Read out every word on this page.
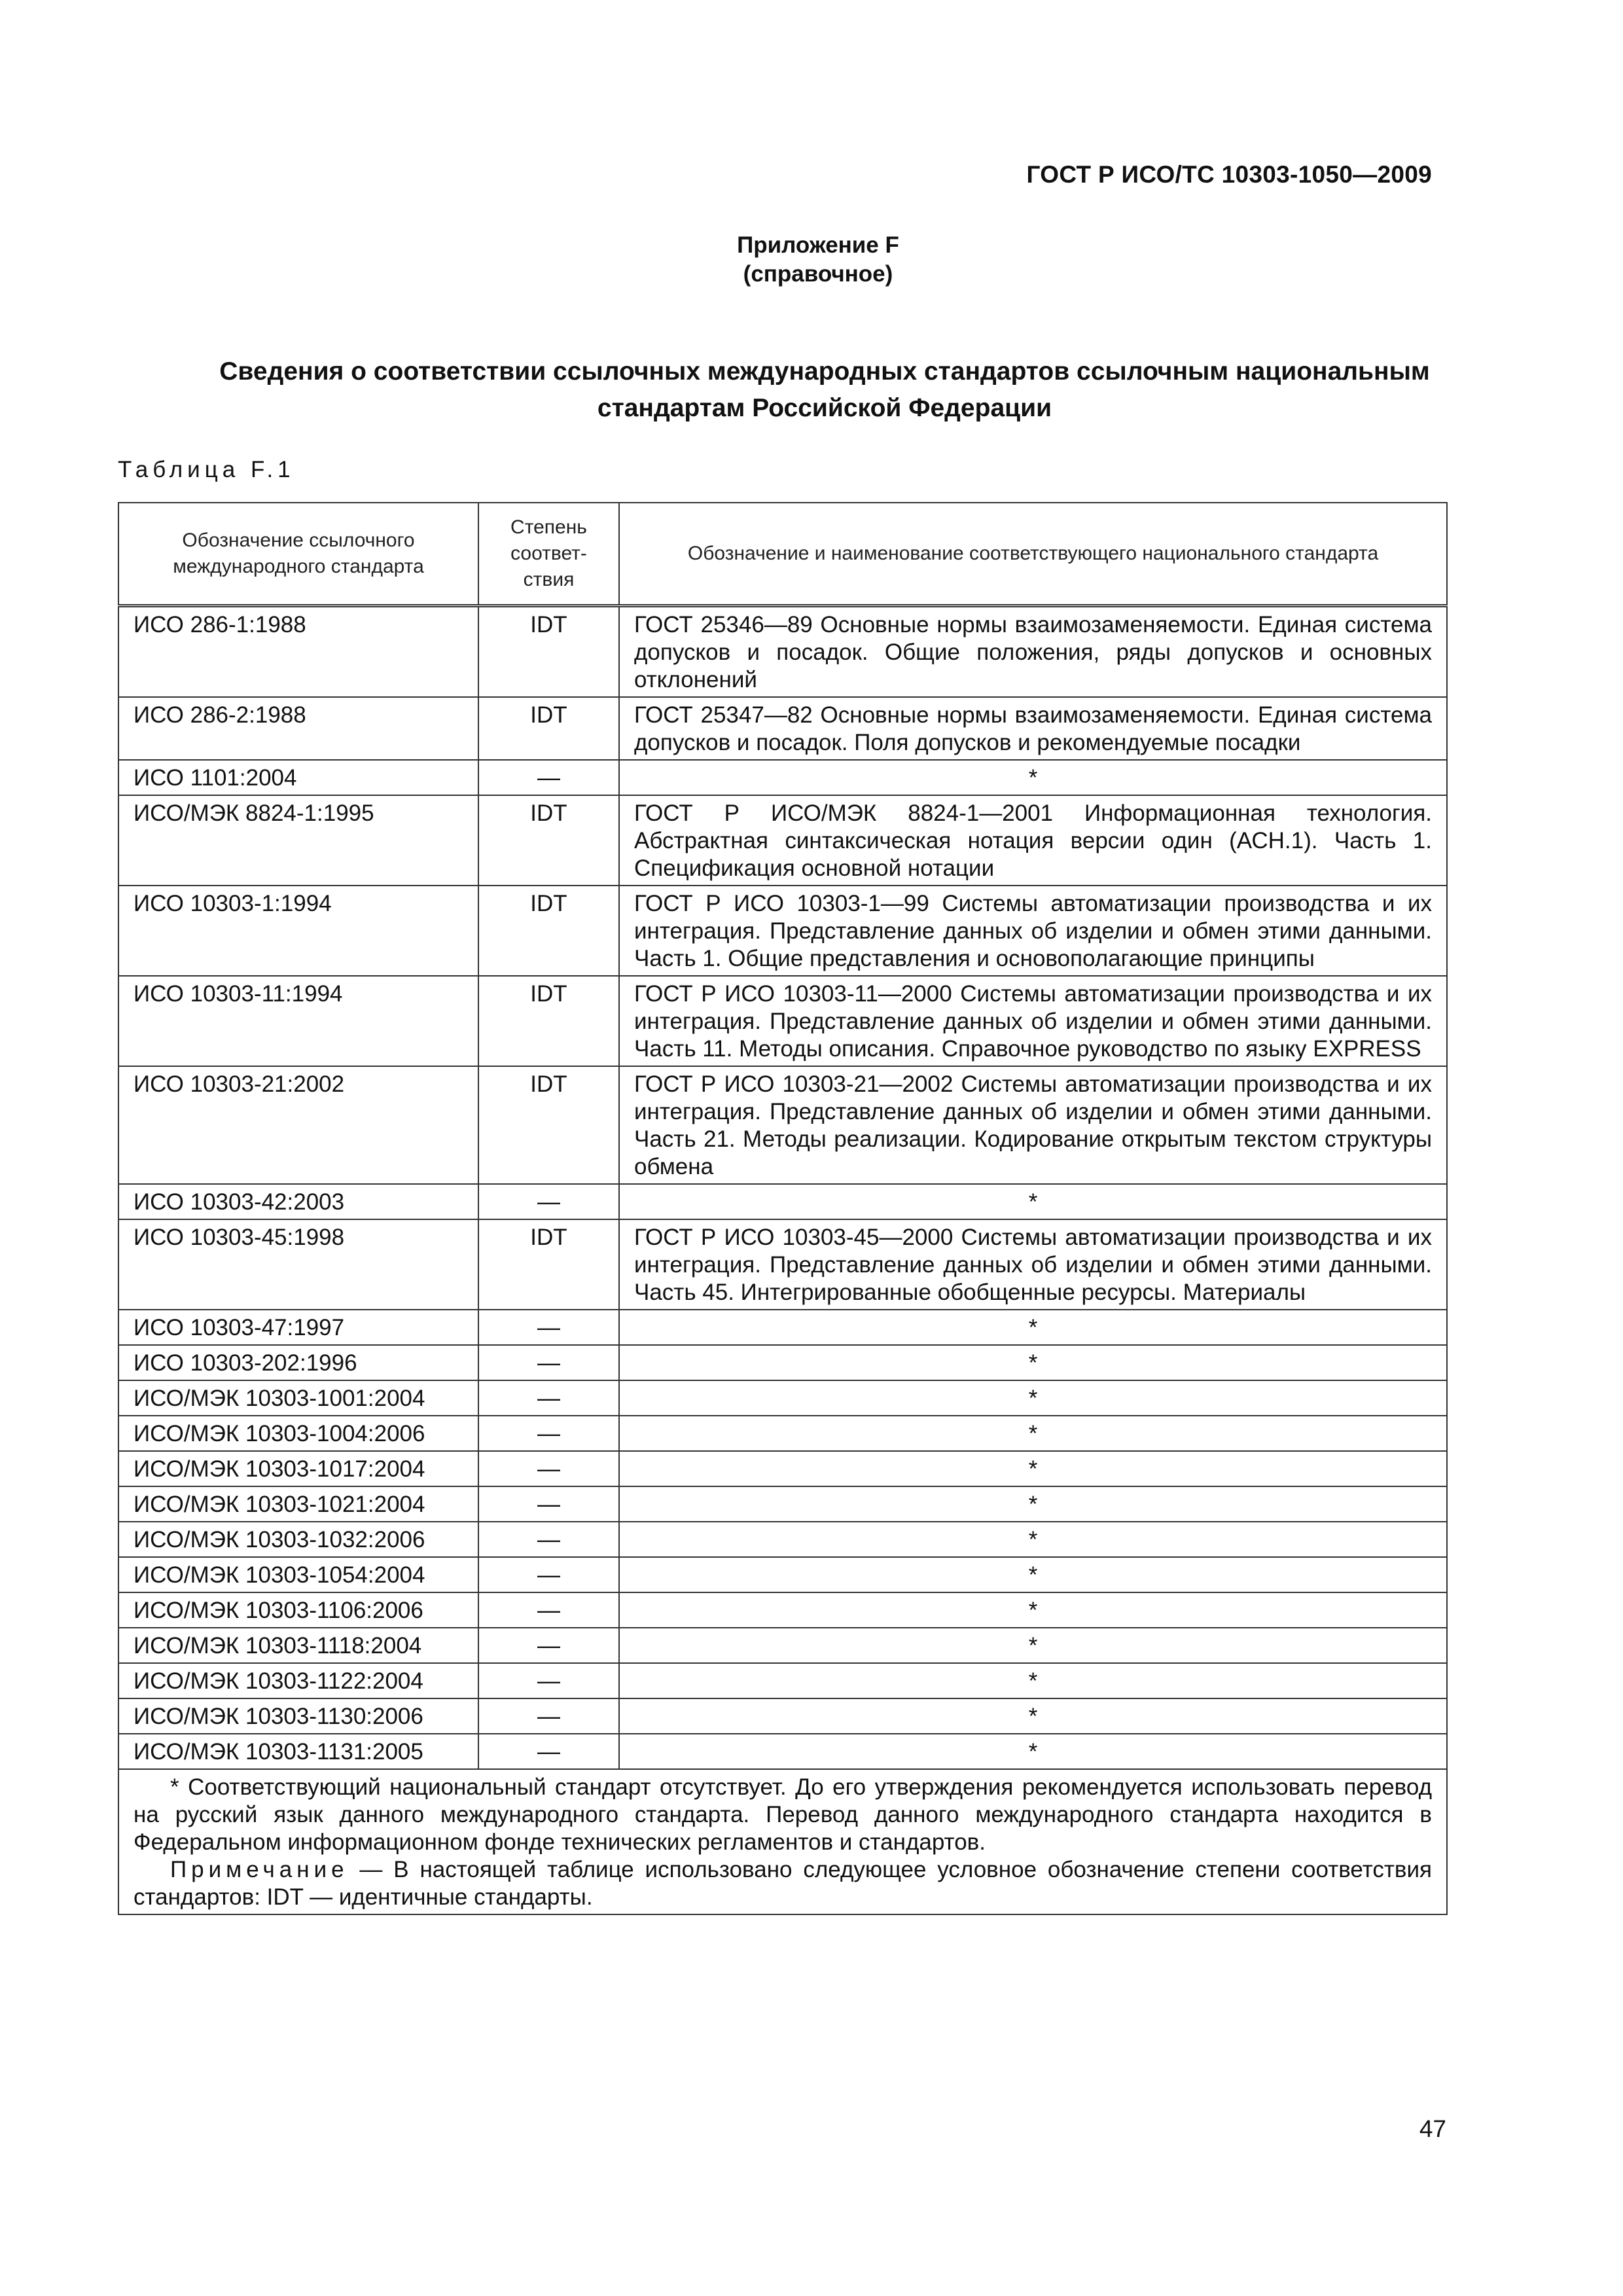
ГОСТ Р ИСО/ТС 10303-1050—2009
Приложение F
(справочное)
Сведения о соответствии ссылочных международных стандартов ссылочным национальным
стандартам Российской Федерации
Таблица F.1
Обозначение ссылочного международного стандарта	Степень соответ- ствия	Обозначение и наименование соответствующего национального стандарта
ИСО 286-1:1988	IDT	ГОСТ 25346—89 Основные нормы взаимозаменяемости. Единая система допусков и посадок. Общие положения, ряды допусков и основных отклонений
ИСО 286-2:1988	IDT	ГОСТ 25347—82 Основные нормы взаимозаменяемости. Единая система допусков и посадок. Поля допусков и рекомендуемые посадки
ИСО 1101:2004	—	*
ИСО/МЭК 8824-1:1995	IDT	ГОСТ Р ИСО/МЭК 8824-1—2001 Информационная технология. Абстрактная синтаксическая нотация версии один (АСН.1). Часть 1. Спецификация основной нотации
ИСО 10303-1:1994	IDT	ГОСТ Р ИСО 10303-1—99 Системы автоматизации производства и их интеграция. Представление данных об изделии и обмен этими данными. Часть 1. Общие представления и основополагающие принципы
ИСО 10303-11:1994	IDT	ГОСТ Р ИСО 10303-11—2000 Системы автоматизации производства и их интеграция. Представление данных об изделии и обмен этими данными. Часть 11. Методы описания. Справочное руководство по языку EXPRESS
ИСО 10303-21:2002	IDT	ГОСТ Р ИСО 10303-21—2002 Системы автоматизации производства и их интеграция. Представление данных об изделии и обмен этими данными. Часть 21. Методы реализации. Кодирование открытым текстом структуры обмена
ИСО 10303-42:2003	—	*
ИСО 10303-45:1998	IDT	ГОСТ Р ИСО 10303-45—2000 Системы автоматизации производства и их интеграция. Представление данных об изделии и обмен этими данными. Часть 45. Интегрированные обобщенные ресурсы. Материалы
ИСО 10303-47:1997	—	*
ИСО 10303-202:1996	—	*
ИСО/МЭК 10303-1001:2004	—	*
ИСО/МЭК 10303-1004:2006	—	*
ИСО/МЭК 10303-1017:2004	—	*
ИСО/МЭК 10303-1021:2004	—	*
ИСО/МЭК 10303-1032:2006	—	*
ИСО/МЭК 10303-1054:2004	—	*
ИСО/МЭК 10303-1106:2006	—	*
ИСО/МЭК 10303-1118:2004	—	*
ИСО/МЭК 10303-1122:2004	—	*
ИСО/МЭК 10303-1130:2006	—	*
ИСО/МЭК 10303-1131:2005	—	*

* Соответствующий национальный стандарт отсутствует. До его утверждения рекомендуется использовать перевод на русский язык данного международного стандарта. Перевод данного международного стандарта находится в Федеральном информационном фонде технических регламентов и стандартов.

Примечание — В настоящей таблице использовано следующее условное обозначение степени соответствия стандартов: IDT — идентичные стандарты.		

47
